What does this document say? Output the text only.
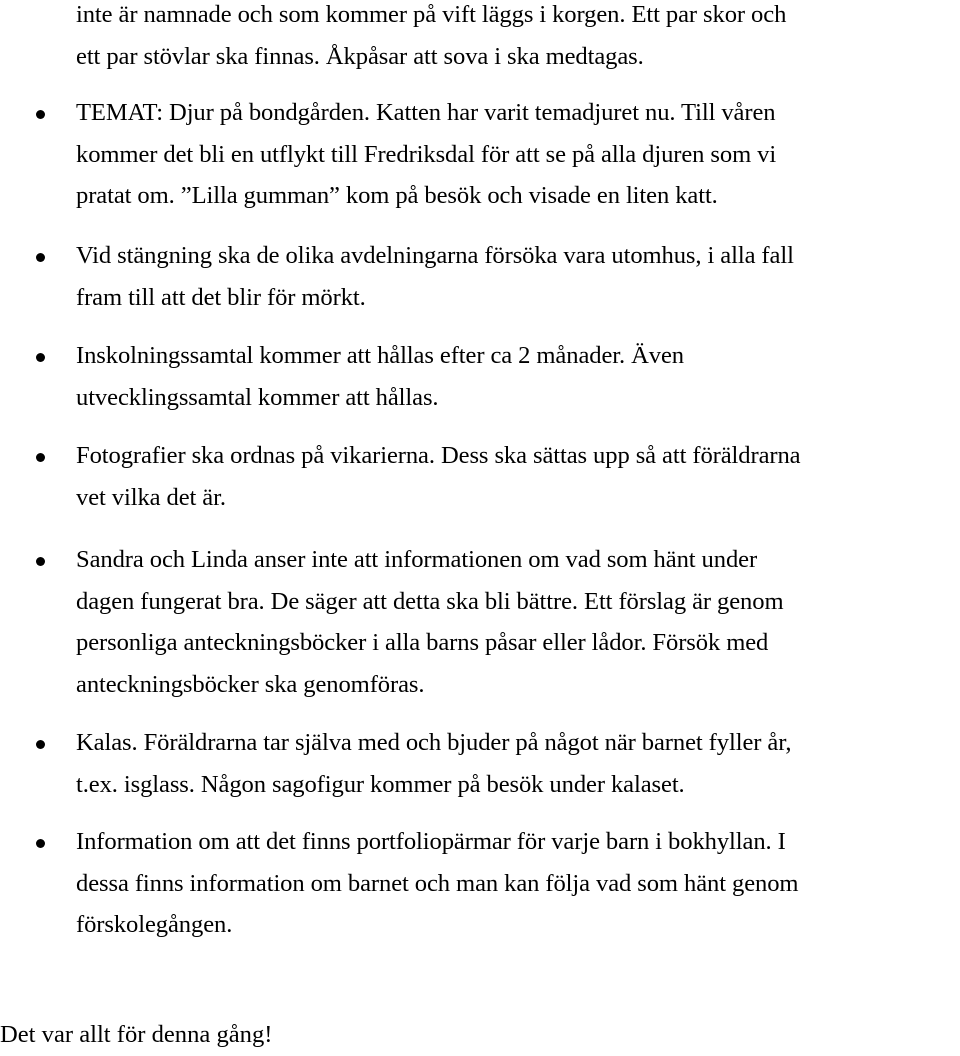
inte är namnade och som kommer på vift läggs i korgen. Ett par skor och
ett par stövlar ska finnas. Åkpåsar att sova i ska medtagas.
TEMAT: Djur på bondgården. Katten har varit temadjuret nu. Till våren
kommer det bli en utflykt till Fredriksdal för att se på alla djuren som vi
pratat om. ”Lilla gumman” kom på besök och visade en liten katt.
Vid stängning ska de olika avdelningarna försöka vara utomhus, i alla fall
fram till att det blir för mörkt.
Inskolningssamtal kommer att hållas efter ca 2 månader. Även
utvecklingssamtal kommer att hållas.
Fotografier ska ordnas på vikarierna. Dess ska sättas upp så att föräldrarna
vet vilka det är.
Sandra och Linda anser inte att informationen om vad som hänt under
dagen fungerat bra. De säger att detta ska bli bättre. Ett förslag är genom
personliga anteckningsböcker i alla barns påsar eller lådor. Försök med
anteckningsböcker ska genomföras.
Kalas. Föräldrarna tar själva med och bjuder på något när barnet fyller år,
t.ex. isglass. Någon sagofigur kommer på besök under kalaset.
Information om att det finns portfoliopärmar för varje barn i bokhyllan. I
dessa finns information om barnet och man kan följa vad som hänt genom
förskolegången.
Det var allt för denna gång!
